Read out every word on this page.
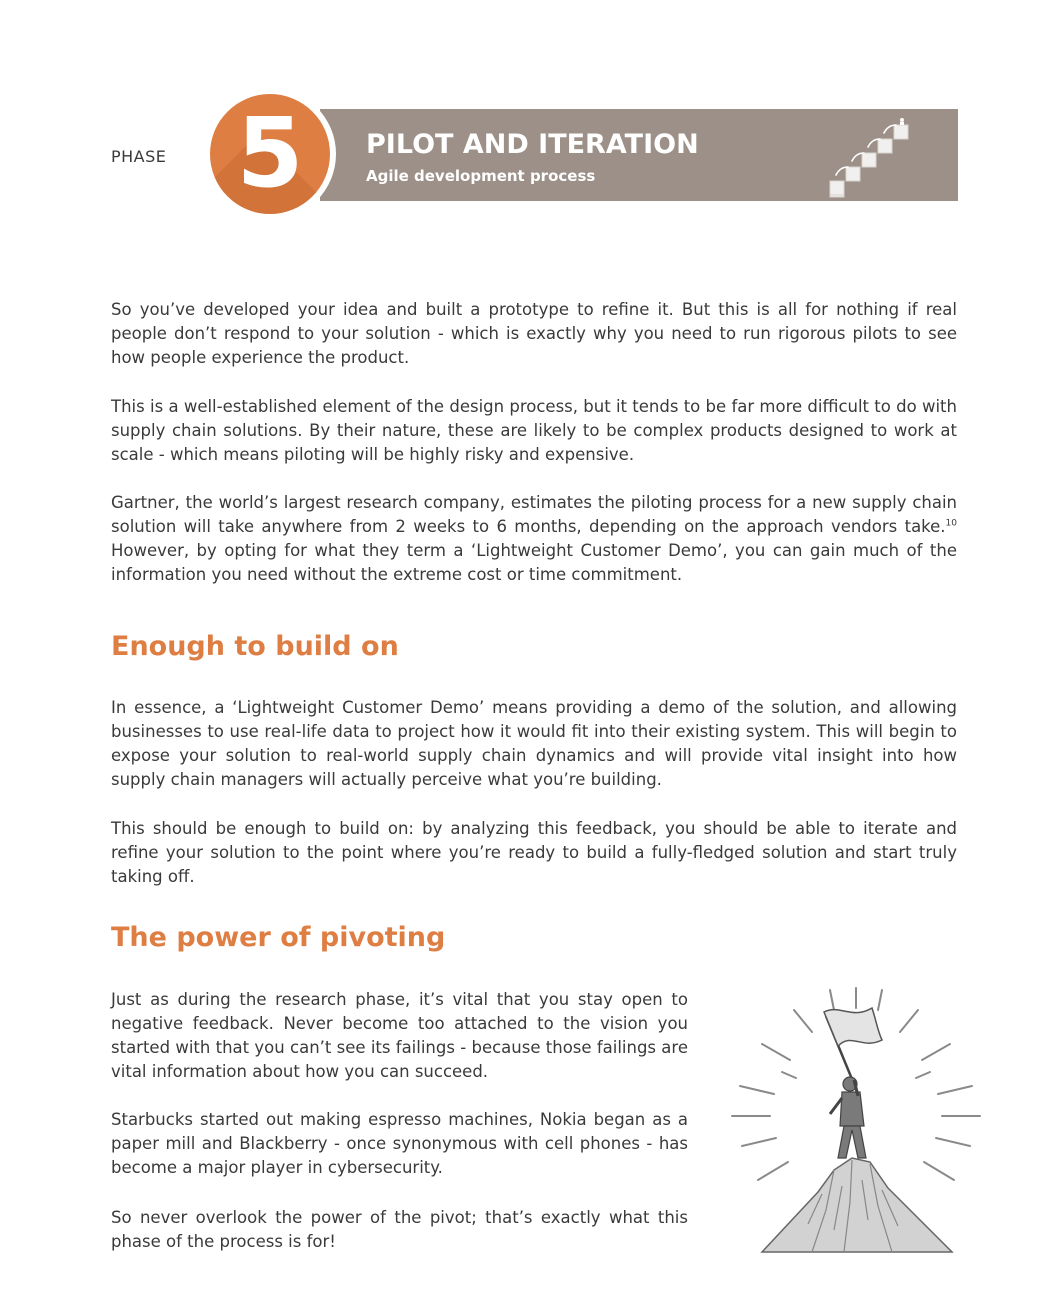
PHASE	PILOT AND ITERATION
Agile development process
5

So you’ve developed your idea and built a prototype to refine it. But this is all for nothing if real people don’t respond to your solution - which is exactly why you need to run rigorous pilots to see how people experience the product.

This is a well-established element of the design process, but it tends to be far more difficult to do with supply chain solutions. By their nature, these are likely to be complex products designed to work at scale - which means piloting will be highly risky and expensive.

Gartner, the world’s largest research company, estimates the piloting process for a new supply chain solution will take anywhere from 2 weeks to 6 months, depending on the approach vendors take.$^{10}$ However, by opting for what they term a ‘Lightweight Customer Demo’, you can gain much of the information you need without the extreme cost or time commitment.

Enough to build on

In essence, a ‘Lightweight Customer Demo’ means providing a demo of the solution, and allowing businesses to use real-life data to project how it would fit into their existing system. This will begin to expose your solution to real-world supply chain dynamics and will provide vital insight into how supply chain managers will actually perceive what you’re building.

This should be enough to build on: by analyzing this feedback, you should be able to iterate and refine your solution to the point where you’re ready to build a fully-fledged solution and start truly taking off.

The power of pivoting

Just as during the research phase, it’s vital that you stay open to negative feedback. Never become too attached to the vision you started with that you can’t see its failings - because those failings are vital information about how you can succeed.

Starbucks started out making espresso machines, Nokia began as a paper mill and Blackberry - once synonymous with cell phones - has become a major player in cybersecurity.

So never overlook the power of the pivot; that’s exactly what this phase of the process is for!
